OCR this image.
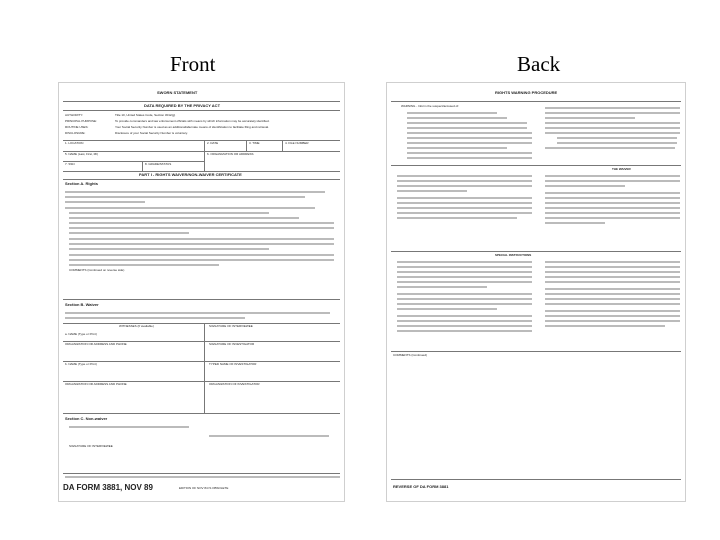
Front	Back
SWORN STATEMENT
DATA REQUIRED BY THE PRIVACY ACT
AUTHORITY:	Title 10, United States Code, Section 3012(g)
PRINCIPAL PURPOSE:	To provide commanders and law enforcement officials with means by which information may be accurately identified.
ROUTINE USES:	Your Social Security Number is used as an additional/alternate means of identification to facilitate filing and retrieval.
DISCLOSURE:	Disclosure of your Social Security Number is voluntary.
1. LOCATION	2. DATE	3. TIME	4. FILE NUMBER
5. NAME (Last, First, MI)	6. ORGANIZATION OR ADDRESS
7. SSN	8. GRADE/STATUS
PART I - RIGHTS WAIVER/NON-WAIVER CERTIFICATE
Section A. Rights
COMMENTS (Continued on reverse side)
Section B. Waiver
WITNESSES (If available)	SIGNATURE OF INTERVIEWEE
a. NAME (Type or Print)
ORGANIZATION OR ADDRESS AND PHONE	SIGNATURE OF INVESTIGATOR
b. NAME (Type or Print)	TYPED NAME OF INVESTIGATOR
ORGANIZATION OR ADDRESS AND PHONE	ORGANIZATION OF INVESTIGATOR
Section C. Non-waiver
SIGNATURE OF INTERVIEWEE
DA FORM 3881, NOV 89	EDITION OF NOV 84 IS OBSOLETE
RIGHTS WARNING PROCEDURE
WARNING - Inform the suspect/accused of:
THE WAIVER
SPECIAL INSTRUCTIONS
COMMENTS (Continued)
REVERSE OF DA FORM 3881
